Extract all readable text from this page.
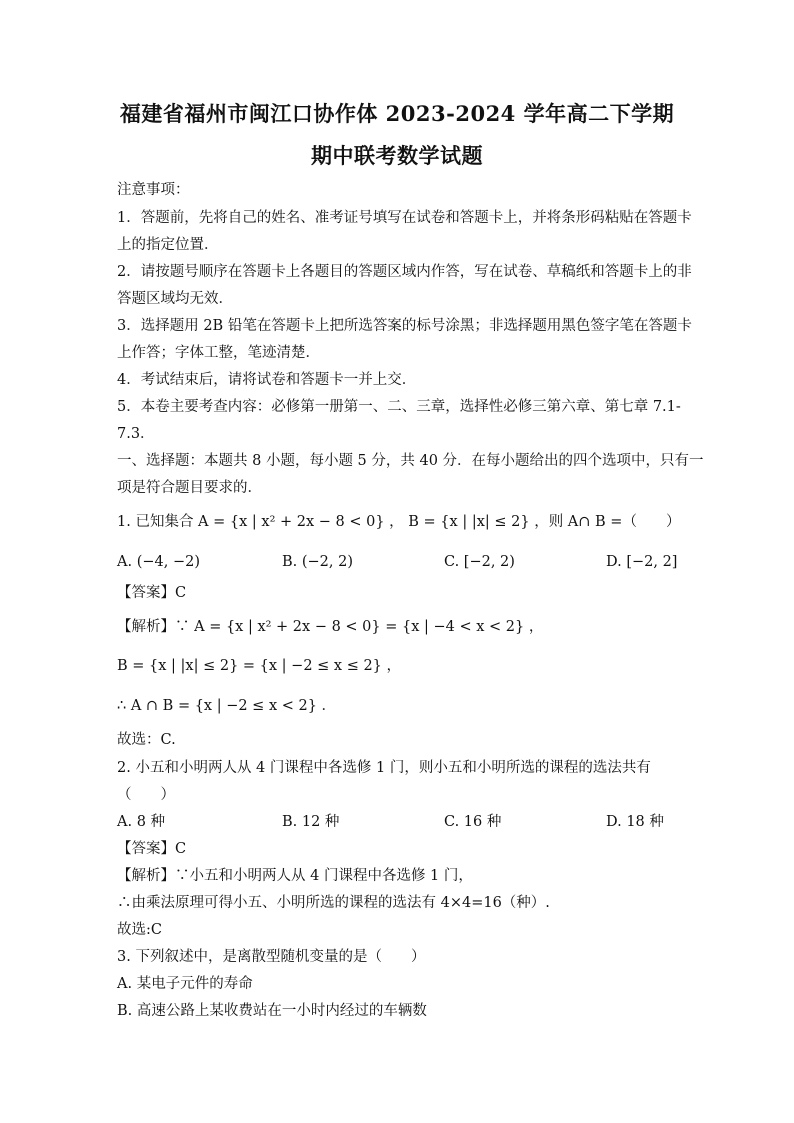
福建省福州市闽江口协作体 2023-2024 学年高二下学期
期中联考数学试题
注意事项：
1．答题前，先将自己的姓名、准考证号填写在试卷和答题卡上，并将条形码粘贴在答题卡
上的指定位置．
2．请按题号顺序在答题卡上各题目的答题区域内作答，写在试卷、草稿纸和答题卡上的非
答题区域均无效．
3．选择题用 2B 铅笔在答题卡上把所选答案的标号涂黑；非选择题用黑色签字笔在答题卡
上作答；字体工整，笔迹清楚．
4．考试结束后，请将试卷和答题卡一并上交．
5．本卷主要考查内容：必修第一册第一、二、三章，选择性必修三第六章、第七章 7.1-
7.3．
一、选择题：本题共 8 小题，每小题 5 分，共 40 分．在每小题给出的四个选项中，只有一
项是符合题目要求的．
1. 已知集合 A = {x | x² + 2x − 8 < 0} ， B = {x | |x| ≤ 2} ，则 A∩ B =（　　）
A. (−4, −2)	B. (−2, 2)	C. [−2, 2)	D. [−2, 2]
【答案】C
【解析】∵ A = {x | x² + 2x − 8 < 0} = {x | −4 < x < 2} ，
B = {x | |x| ≤ 2} = {x | −2 ≤ x ≤ 2} ，
∴ A ∩ B = {x | −2 ≤ x < 2} ．
故选：C.
2. 小五和小明两人从 4 门课程中各选修 1 门，则小五和小明所选的课程的选法共有
（　　）
A. 8 种	B. 12 种	C. 16 种	D. 18 种
【答案】C
【解析】∵小五和小明两人从 4 门课程中各选修 1 门，
∴由乘法原理可得小五、小明所选的课程的选法有 4×4=16（种）.
故选:C
3. 下列叙述中，是离散型随机变量的是（　　）
A. 某电子元件的寿命
B. 高速公路上某收费站在一小时内经过的车辆数
